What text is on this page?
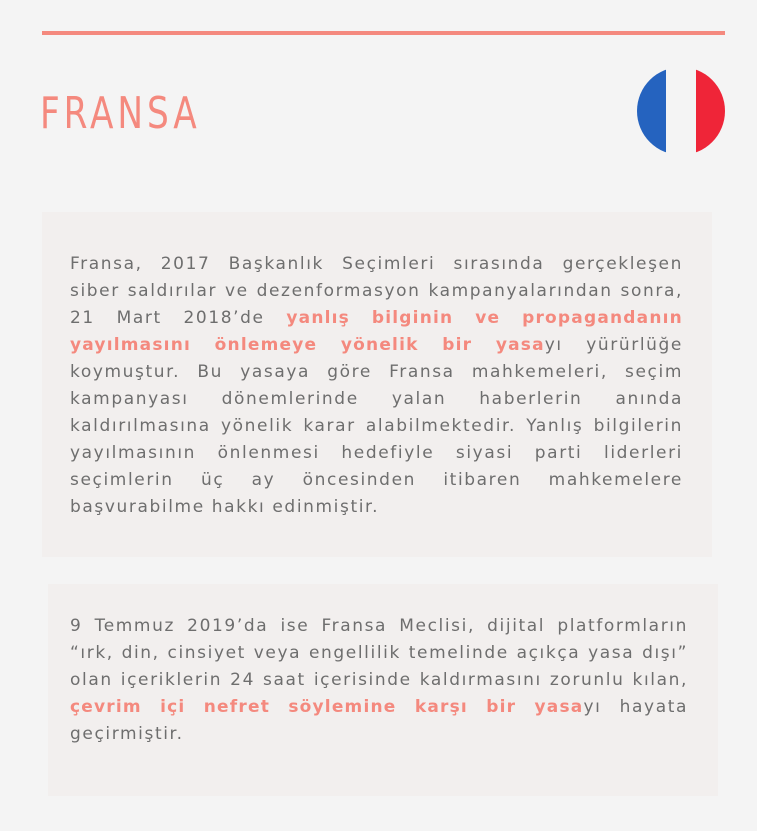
FRANSA

Fransa, 2017 Başkanlık Seçimleri sırasında gerçekleşen siber saldırılar ve dezenformasyon kampanyalarından sonra, 21 Mart 2018’de yanlış bilginin ve propagandanın yayılmasını önlemeye yönelik bir yasayı yürürlüğe koymuştur. Bu yasaya göre Fransa mahkemeleri, seçim kampanyası dönemlerinde yalan haberlerin anında kaldırılmasına yönelik karar alabilmektedir. Yanlış bilgilerin yayılmasının önlenmesi hedefiyle siyasi parti liderleri seçimlerin üç ay öncesinden itibaren mahkemelere başvurabilme hakkı edinmiştir.

9 Temmuz 2019’da ise Fransa Meclisi, dijital platformların “ırk, din, cinsiyet veya engellilik temelinde açıkça yasa dışı” olan içeriklerin 24 saat içerisinde kaldırmasını zorunlu kılan, çevrim içi nefret söylemine karşı bir yasayı hayata geçirmiştir.
